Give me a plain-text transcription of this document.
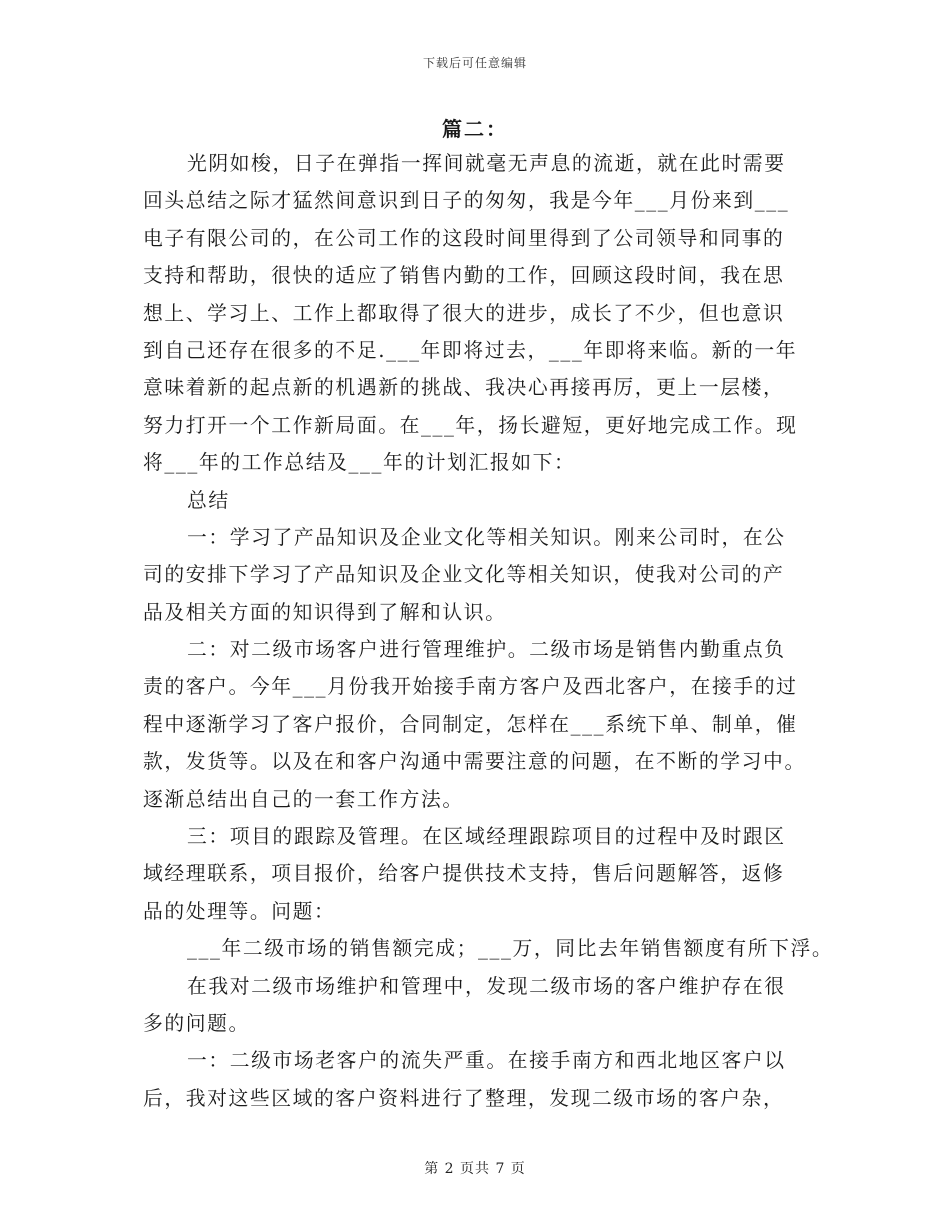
下载后可任意编辑
篇二：
光阴如梭，日子在弹指一挥间就毫无声息的流逝，就在此时需要
回头总结之际才猛然间意识到日子的匆匆，我是今年___月份来到___
电子有限公司的，在公司工作的这段时间里得到了公司领导和同事的
支持和帮助，很快的适应了销售内勤的工作，回顾这段时间，我在思
想上、学习上、工作上都取得了很大的进步，成长了不少，但也意识
到自己还存在很多的不足.___年即将过去，___年即将来临。新的一年
意味着新的起点新的机遇新的挑战、我决心再接再厉，更上一层楼，
努力打开一个工作新局面。在___年，扬长避短，更好地完成工作。现
将___年的工作总结及___年的计划汇报如下：
总结
一：学习了产品知识及企业文化等相关知识。刚来公司时，在公
司的安排下学习了产品知识及企业文化等相关知识，使我对公司的产
品及相关方面的知识得到了解和认识。
二：对二级市场客户进行管理维护。二级市场是销售内勤重点负
责的客户。今年___月份我开始接手南方客户及西北客户，在接手的过
程中逐渐学习了客户报价，合同制定，怎样在___系统下单、制单，催
款，发货等。以及在和客户沟通中需要注意的问题，在不断的学习中。
逐渐总结出自己的一套工作方法。
三：项目的跟踪及管理。在区域经理跟踪项目的过程中及时跟区
域经理联系，项目报价，给客户提供技术支持，售后问题解答，返修
品的处理等。问题：
___年二级市场的销售额完成；___万，同比去年销售额度有所下浮。
在我对二级市场维护和管理中，发现二级市场的客户维护存在很
多的问题。
一：二级市场老客户的流失严重。在接手南方和西北地区客户以
后，我对这些区域的客户资料进行了整理，发现二级市场的客户杂，
第 2 页共 7 页
